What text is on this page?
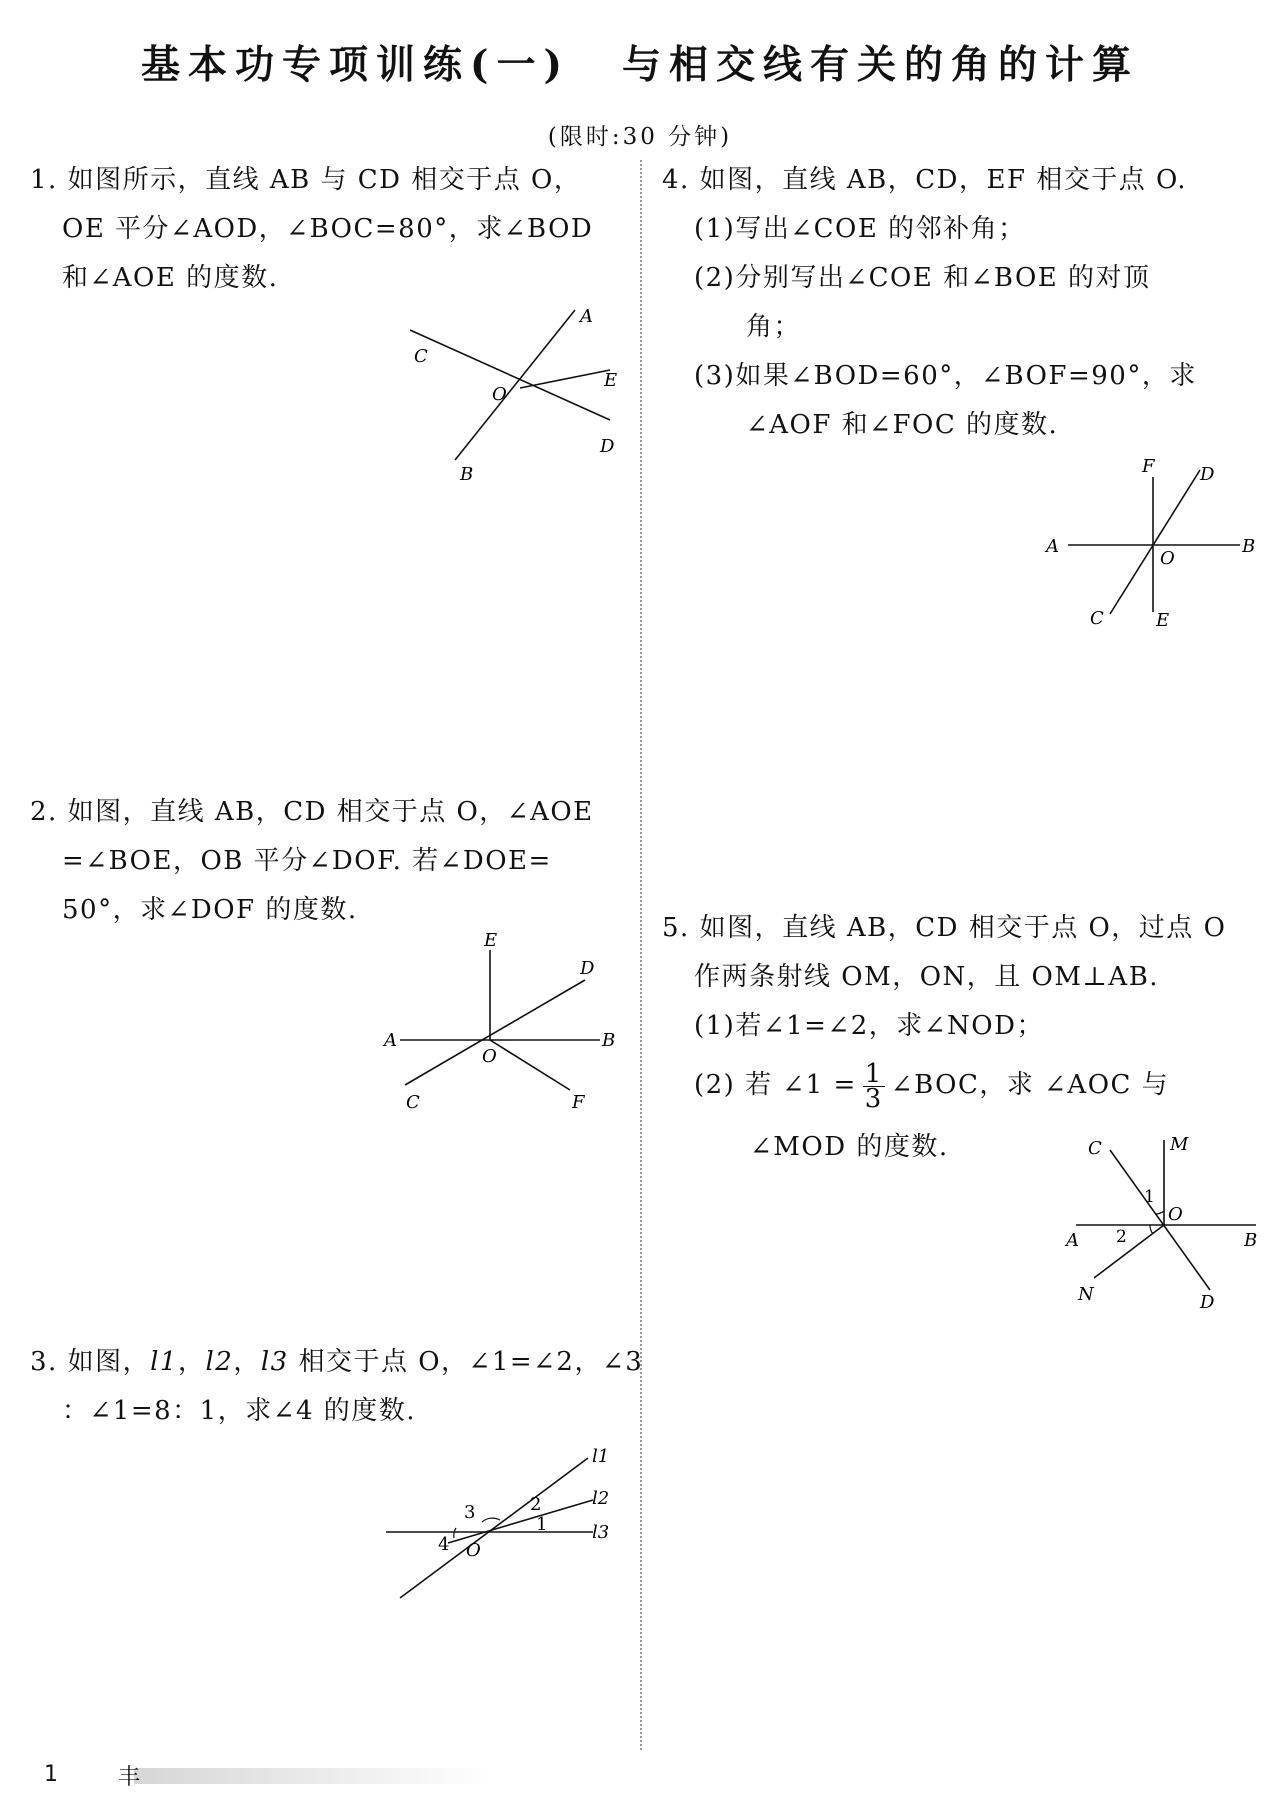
基本功专项训练(一) 与相交线有关的角的计算
(限时:30 分钟)
1. 如图所示，直线 AB 与 CD 相交于点 O，
OE 平分∠AOD，∠BOC=80°，求∠BOD
和∠AOE 的度数.
A
B
C
D
E
O
2. 如图，直线 AB，CD 相交于点 O，∠AOE
=∠BOE，OB 平分∠DOF. 若∠DOE=
50°，求∠DOF 的度数.
E
D
A
O
B
C	F
3. 如图，l1，l2，l3 相交于点 O，∠1=∠2，∠3
：∠1=8：1，求∠4 的度数.
l1
l2
l3
1
2
3
4 O
4. 如图，直线 AB，CD，EF 相交于点 O.
(1)写出∠COE 的邻补角；
(2)分别写出∠COE 和∠BOE 的对顶
角；
(3)如果∠BOD=60°，∠BOF=90°，求
∠AOF 和∠FOC 的度数.
F	D
A
O
B
C	E
5. 如图，直线 AB，CD 相交于点 O，过点 O
作两条射线 OM，ON，且 OM⊥AB.
(1)若∠1=∠2，求∠NOD；
(2) 若 ∠1 = $\frac{1}{3}$ ∠BOC，求 ∠AOC 与
∠MOD 的度数.	C	M
1
O
A 2	B
N	D
1	丰
